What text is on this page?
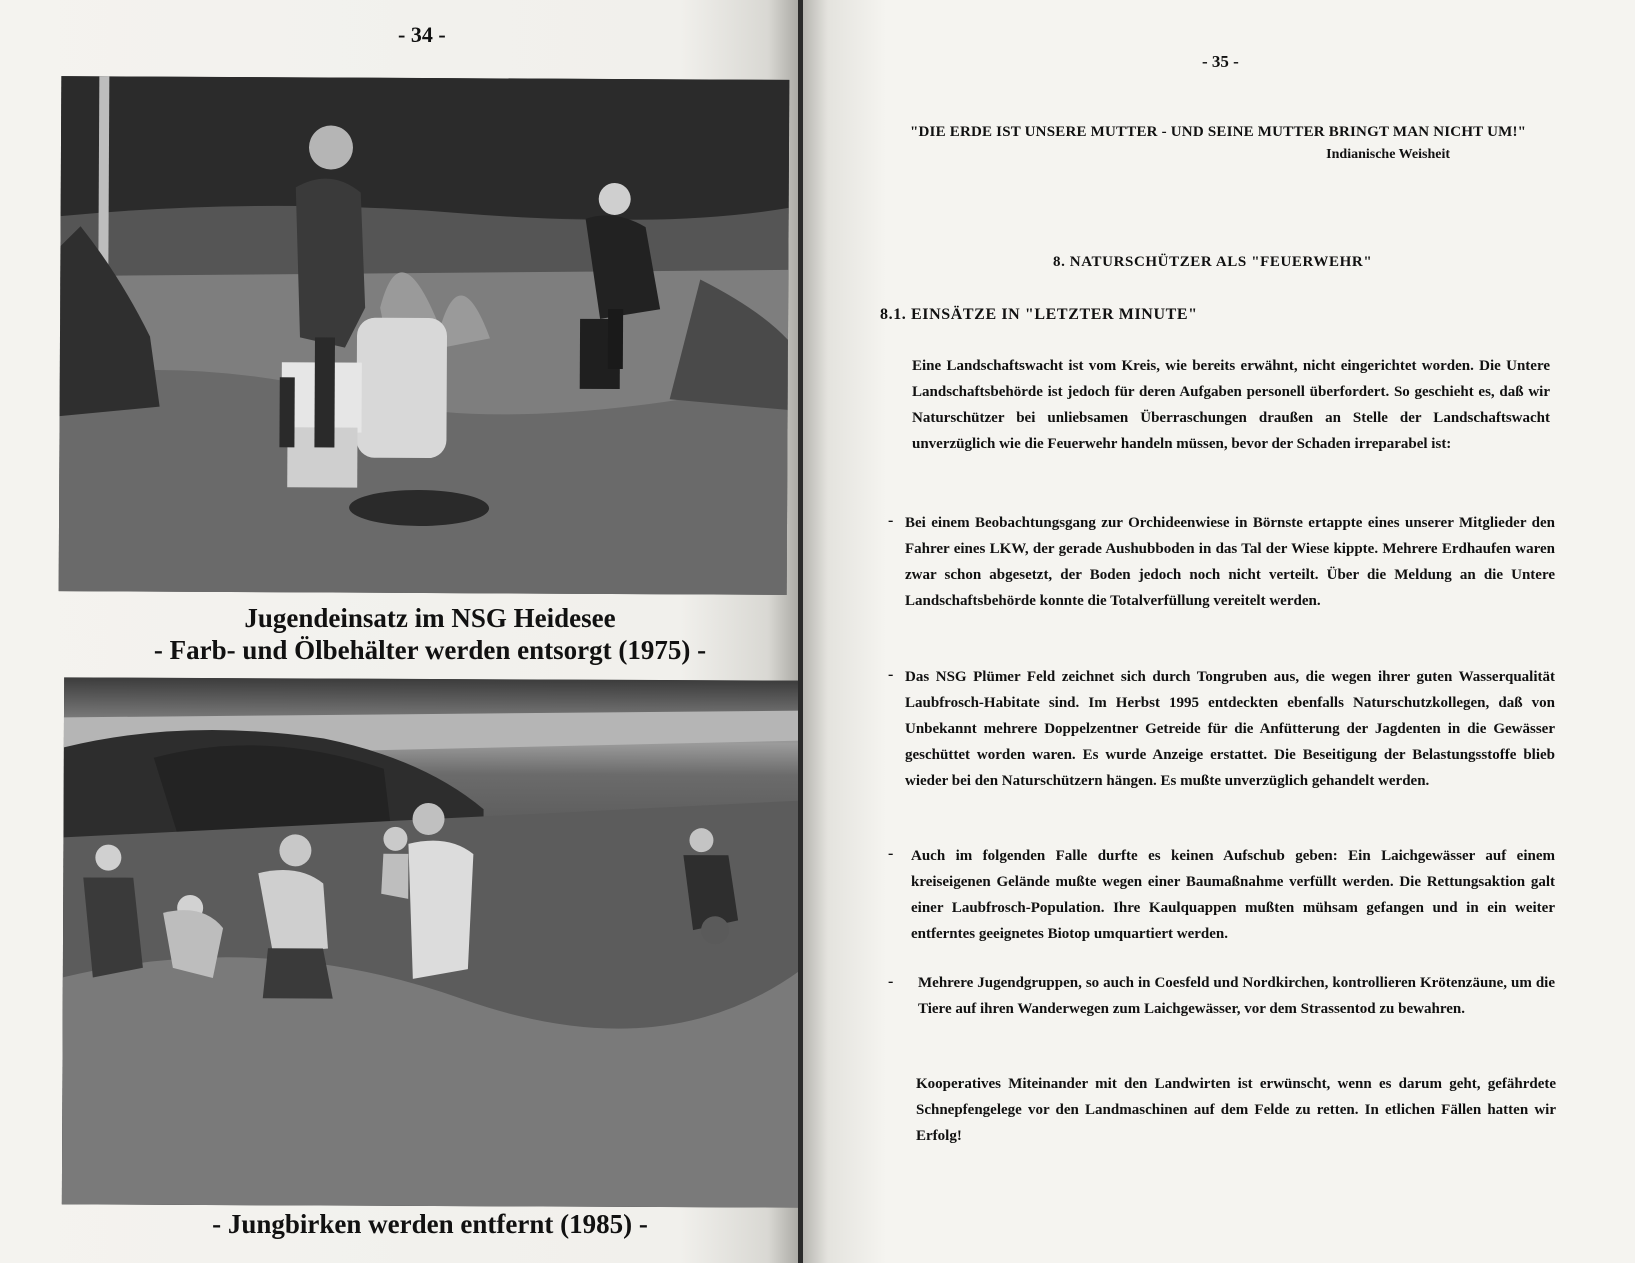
- 34 -
Jugendeinsatz im NSG Heidesee
- Farb- und Ölbehälter werden entsorgt (1975) -
- Jungbirken werden entfernt (1985) -
- 35 -
"DIE ERDE IST UNSERE MUTTER - UND SEINE MUTTER BRINGT MAN NICHT UM!"
Indianische Weisheit
8. NATURSCHÜTZER ALS "FEUERWEHR"
8.1. EINSÄTZE IN "LETZTER MINUTE"
Eine Landschaftswacht ist vom Kreis, wie bereits erwähnt, nicht eingerichtet worden. Die Untere Landschaftsbehörde ist jedoch für deren Aufgaben personell überfordert. So geschieht es, daß wir Naturschützer bei unliebsamen Überraschungen draußen an Stelle der Landschaftswacht unverzüglich wie die Feuerwehr handeln müssen, bevor der Schaden irreparabel ist:
- Bei einem Beobachtungsgang zur Orchideenwiese in Börnste ertappte eines unserer Mitglieder den Fahrer eines LKW, der gerade Aushubboden in das Tal der Wiese kippte. Mehrere Erdhaufen waren zwar schon abgesetzt, der Boden jedoch noch nicht verteilt. Über die Meldung an die Untere Landschaftsbehörde konnte die Totalverfüllung vereitelt werden.
- Das NSG Plümer Feld zeichnet sich durch Tongruben aus, die wegen ihrer guten Wasserqualität Laubfrosch-Habitate sind. Im Herbst 1995 entdeckten ebenfalls Naturschutzkollegen, daß von Unbekannt mehrere Doppelzentner Getreide für die Anfütterung der Jagdenten in die Gewässer geschüttet worden waren. Es wurde Anzeige erstattet. Die Beseitigung der Belastungsstoffe blieb wieder bei den Naturschützern hängen. Es mußte unverzüglich gehandelt werden.
- Auch im folgenden Falle durfte es keinen Aufschub geben: Ein Laichgewässer auf einem kreiseigenen Gelände mußte wegen einer Baumaßnahme verfüllt werden. Die Rettungsaktion galt einer Laubfrosch-Population. Ihre Kaulquappen mußten mühsam gefangen und in ein weiter entferntes geeignetes Biotop umquartiert werden.
- Mehrere Jugendgruppen, so auch in Coesfeld und Nordkirchen, kontrollieren Krötenzäune, um die Tiere auf ihren Wanderwegen zum Laichgewässer, vor dem Strassentod zu bewahren.
Kooperatives Miteinander mit den Landwirten ist erwünscht, wenn es darum geht, gefährdete Schnepfengelege vor den Landmaschinen auf dem Felde zu retten. In etlichen Fällen hatten wir Erfolg!
